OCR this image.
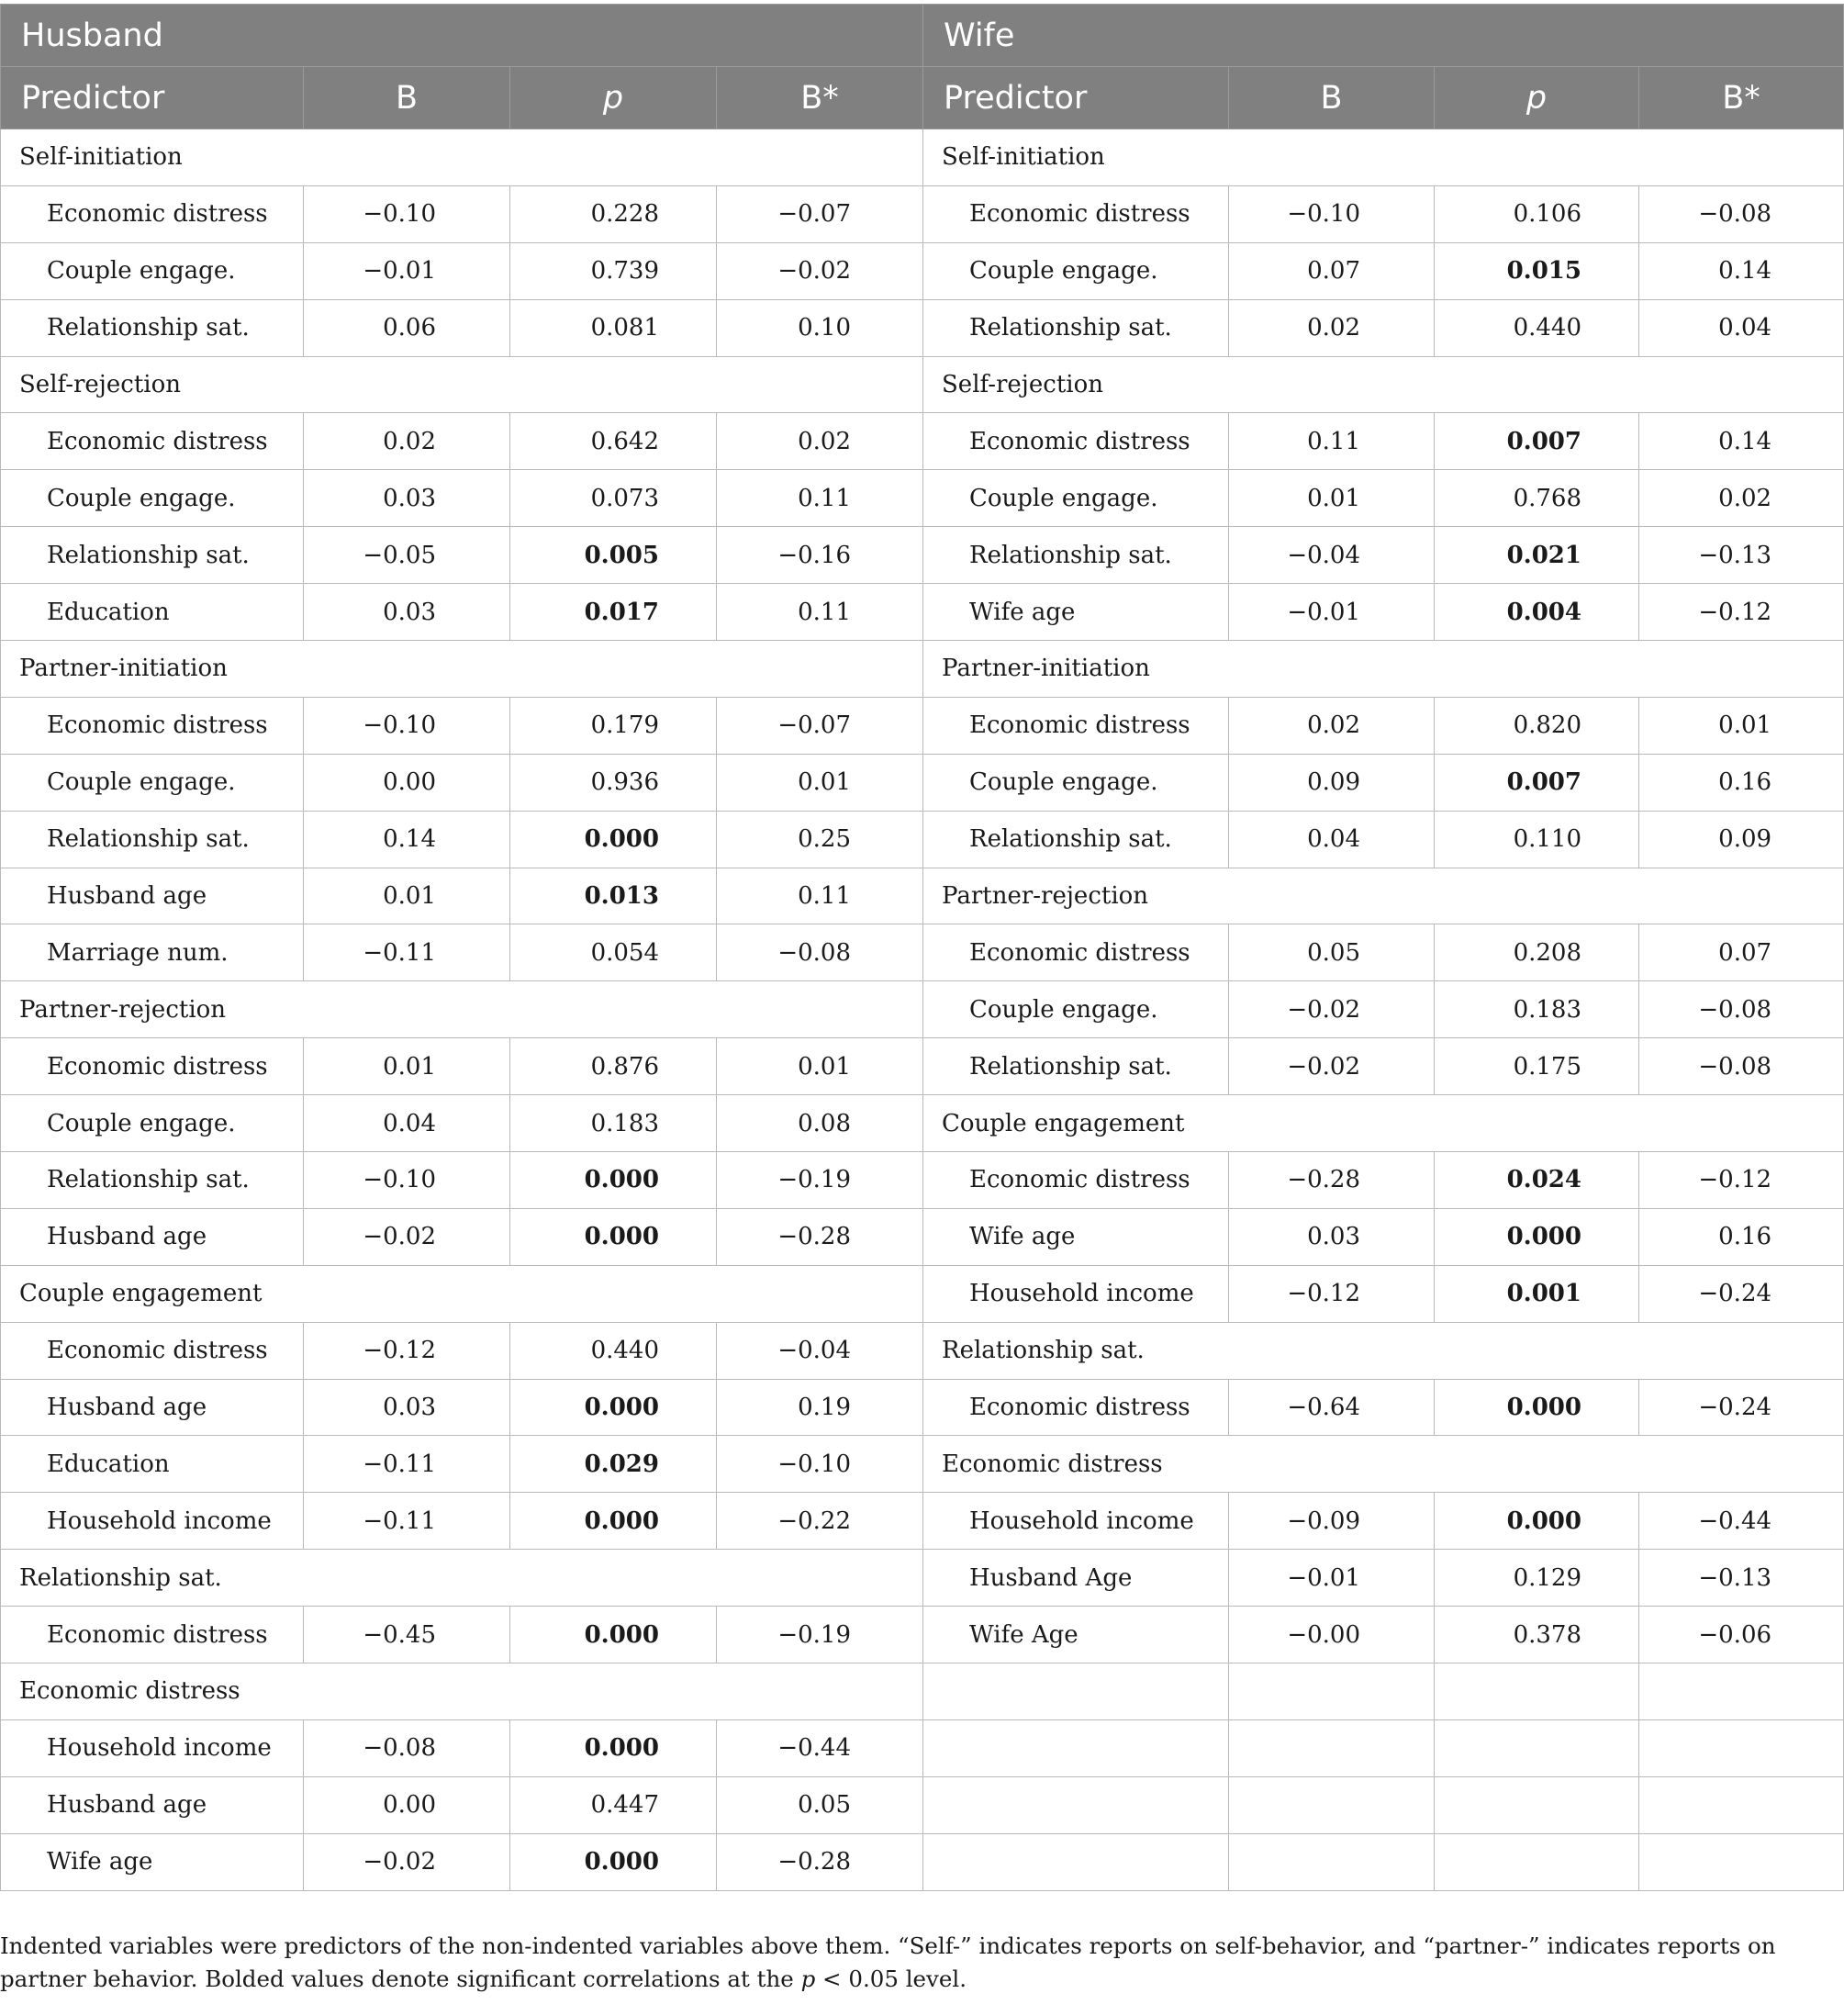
Husband				Wife			
Predictor	B	p	B*	Predictor	B	p	B*
Self-initiation				Self-initiation			
Economic distress	−0.10	0.228	−0.07	Economic distress	−0.10	0.106	−0.08
Couple engage.	−0.01	0.739	−0.02	Couple engage.	0.07	0.015	0.14
Relationship sat.	0.06	0.081	0.10	Relationship sat.	0.02	0.440	0.04
Self-rejection				Self-rejection			
Economic distress	0.02	0.642	0.02	Economic distress	0.11	0.007	0.14
Couple engage.	0.03	0.073	0.11	Couple engage.	0.01	0.768	0.02
Relationship sat.	−0.05	0.005	−0.16	Relationship sat.	−0.04	0.021	−0.13
Education	0.03	0.017	0.11	Wife age	−0.01	0.004	−0.12
Partner-initiation				Partner-initiation			
Economic distress	−0.10	0.179	−0.07	Economic distress	0.02	0.820	0.01
Couple engage.	0.00	0.936	0.01	Couple engage.	0.09	0.007	0.16
Relationship sat.	0.14	0.000	0.25	Relationship sat.	0.04	0.110	0.09
Husband age	0.01	0.013	0.11	Partner-rejection			
Marriage num.	−0.11	0.054	−0.08	Economic distress	0.05	0.208	0.07
Partner-rejection				Couple engage.	−0.02	0.183	−0.08
Economic distress	0.01	0.876	0.01	Relationship sat.	−0.02	0.175	−0.08
Couple engage.	0.04	0.183	0.08	Couple engagement			
Relationship sat.	−0.10	0.000	−0.19	Economic distress	−0.28	0.024	−0.12
Husband age	−0.02	0.000	−0.28	Wife age	0.03	0.000	0.16
Couple engagement				Household income	−0.12	0.001	−0.24
Economic distress	−0.12	0.440	−0.04	Relationship sat.			
Husband age	0.03	0.000	0.19	Economic distress	−0.64	0.000	−0.24
Education	−0.11	0.029	−0.10	Economic distress			
Household income	−0.11	0.000	−0.22	Household income	−0.09	0.000	−0.44
Relationship sat.				Husband Age	−0.01	0.129	−0.13
Economic distress	−0.45	0.000	−0.19	Wife Age	−0.00	0.378	−0.06
Economic distress							
Household income	−0.08	0.000	−0.44				
Husband age	0.00	0.447	0.05				
Wife age	−0.02	0.000	−0.28				
Indented variables were predictors of the non-indented variables above them. “Self-” indicates reports on self-behavior, and “partner-” indicates reports on partner behavior. Bolded values denote significant correlations at the p < 0.05 level.
